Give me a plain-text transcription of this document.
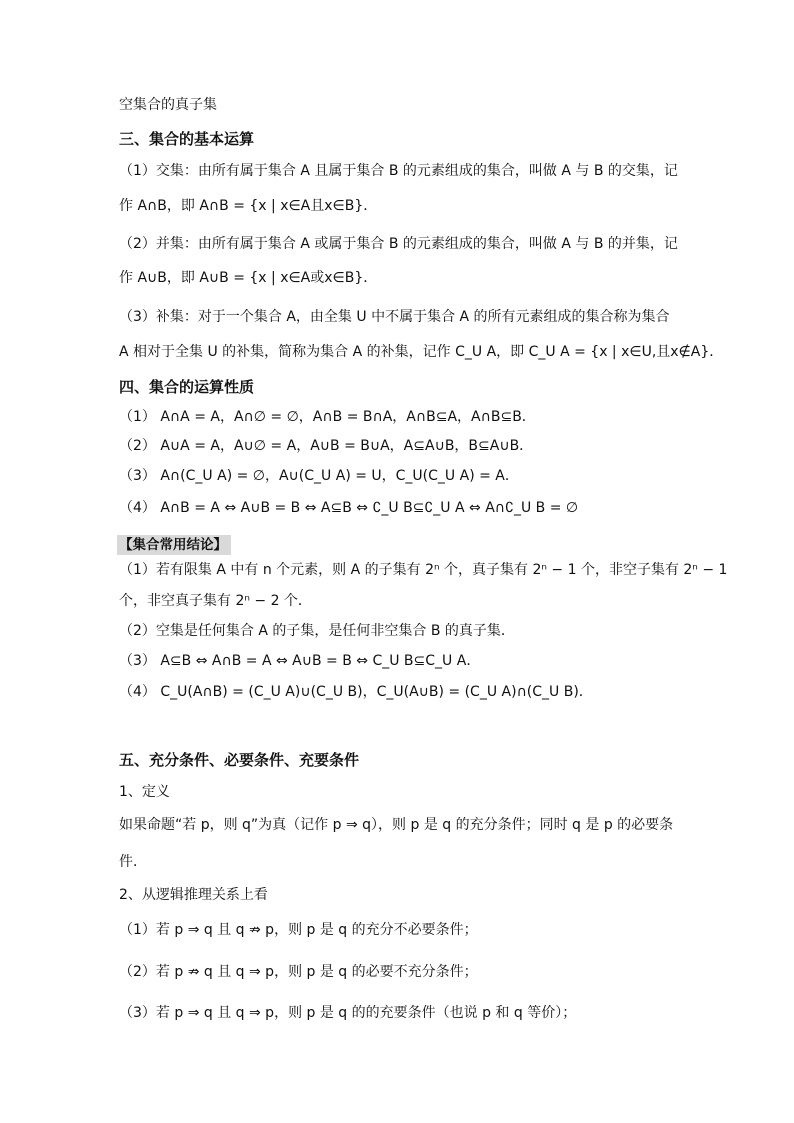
空集合的真子集
三、集合的基本运算
（1）交集：由所有属于集合 A 且属于集合 B 的元素组成的集合，叫做 A 与 B 的交集，记
作 A∩B，即 A∩B = {x | x∈A且x∈B}．
（2）并集：由所有属于集合 A 或属于集合 B 的元素组成的集合，叫做 A 与 B 的并集，记
作 A∪B，即 A∪B = {x | x∈A或x∈B}．
（3）补集：对于一个集合 A，由全集 U 中不属于集合 A 的所有元素组成的集合称为集合
A 相对于全集 U 的补集，简称为集合 A 的补集，记作 C_U A，即 C_U A = {x | x∈U,且x∉A}．
四、集合的运算性质
（1） A∩A = A，A∩∅ = ∅，A∩B = B∩A，A∩B⊆A，A∩B⊆B．
（2） A∪A = A，A∪∅ = A，A∪B = B∪A，A⊆A∪B，B⊆A∪B．
（3） A∩(C_U A) = ∅，A∪(C_U A) = U，C_U(C_U A) = A．
（4） A∩B = A ⇔ A∪B = B ⇔ A⊆B ⇔ ∁_U B⊆∁_U A ⇔ A∩∁_U B = ∅
【集合常用结论】
（1）若有限集 A 中有 n 个元素，则 A 的子集有 2ⁿ 个，真子集有 2ⁿ − 1 个，非空子集有 2ⁿ − 1
个，非空真子集有 2ⁿ − 2 个．
（2）空集是任何集合 A 的子集，是任何非空集合 B 的真子集．
（3） A⊆B ⇔ A∩B = A ⇔ A∪B = B ⇔ C_U B⊆C_U A．
（4） C_U(A∩B) = (C_U A)∪(C_U B)，C_U(A∪B) = (C_U A)∩(C_U B)．
五、充分条件、必要条件、充要条件
1、定义
如果命题“若 p，则 q”为真（记作 p ⇒ q），则 p 是 q 的充分条件；同时 q 是 p 的必要条
件．
2、从逻辑推理关系上看
（1）若 p ⇒ q 且 q ⇏ p，则 p 是 q 的充分不必要条件；
（2）若 p ⇏ q 且 q ⇒ p，则 p 是 q 的必要不充分条件；
（3）若 p ⇒ q 且 q ⇒ p，则 p 是 q 的的充要条件（也说 p 和 q 等价）；
